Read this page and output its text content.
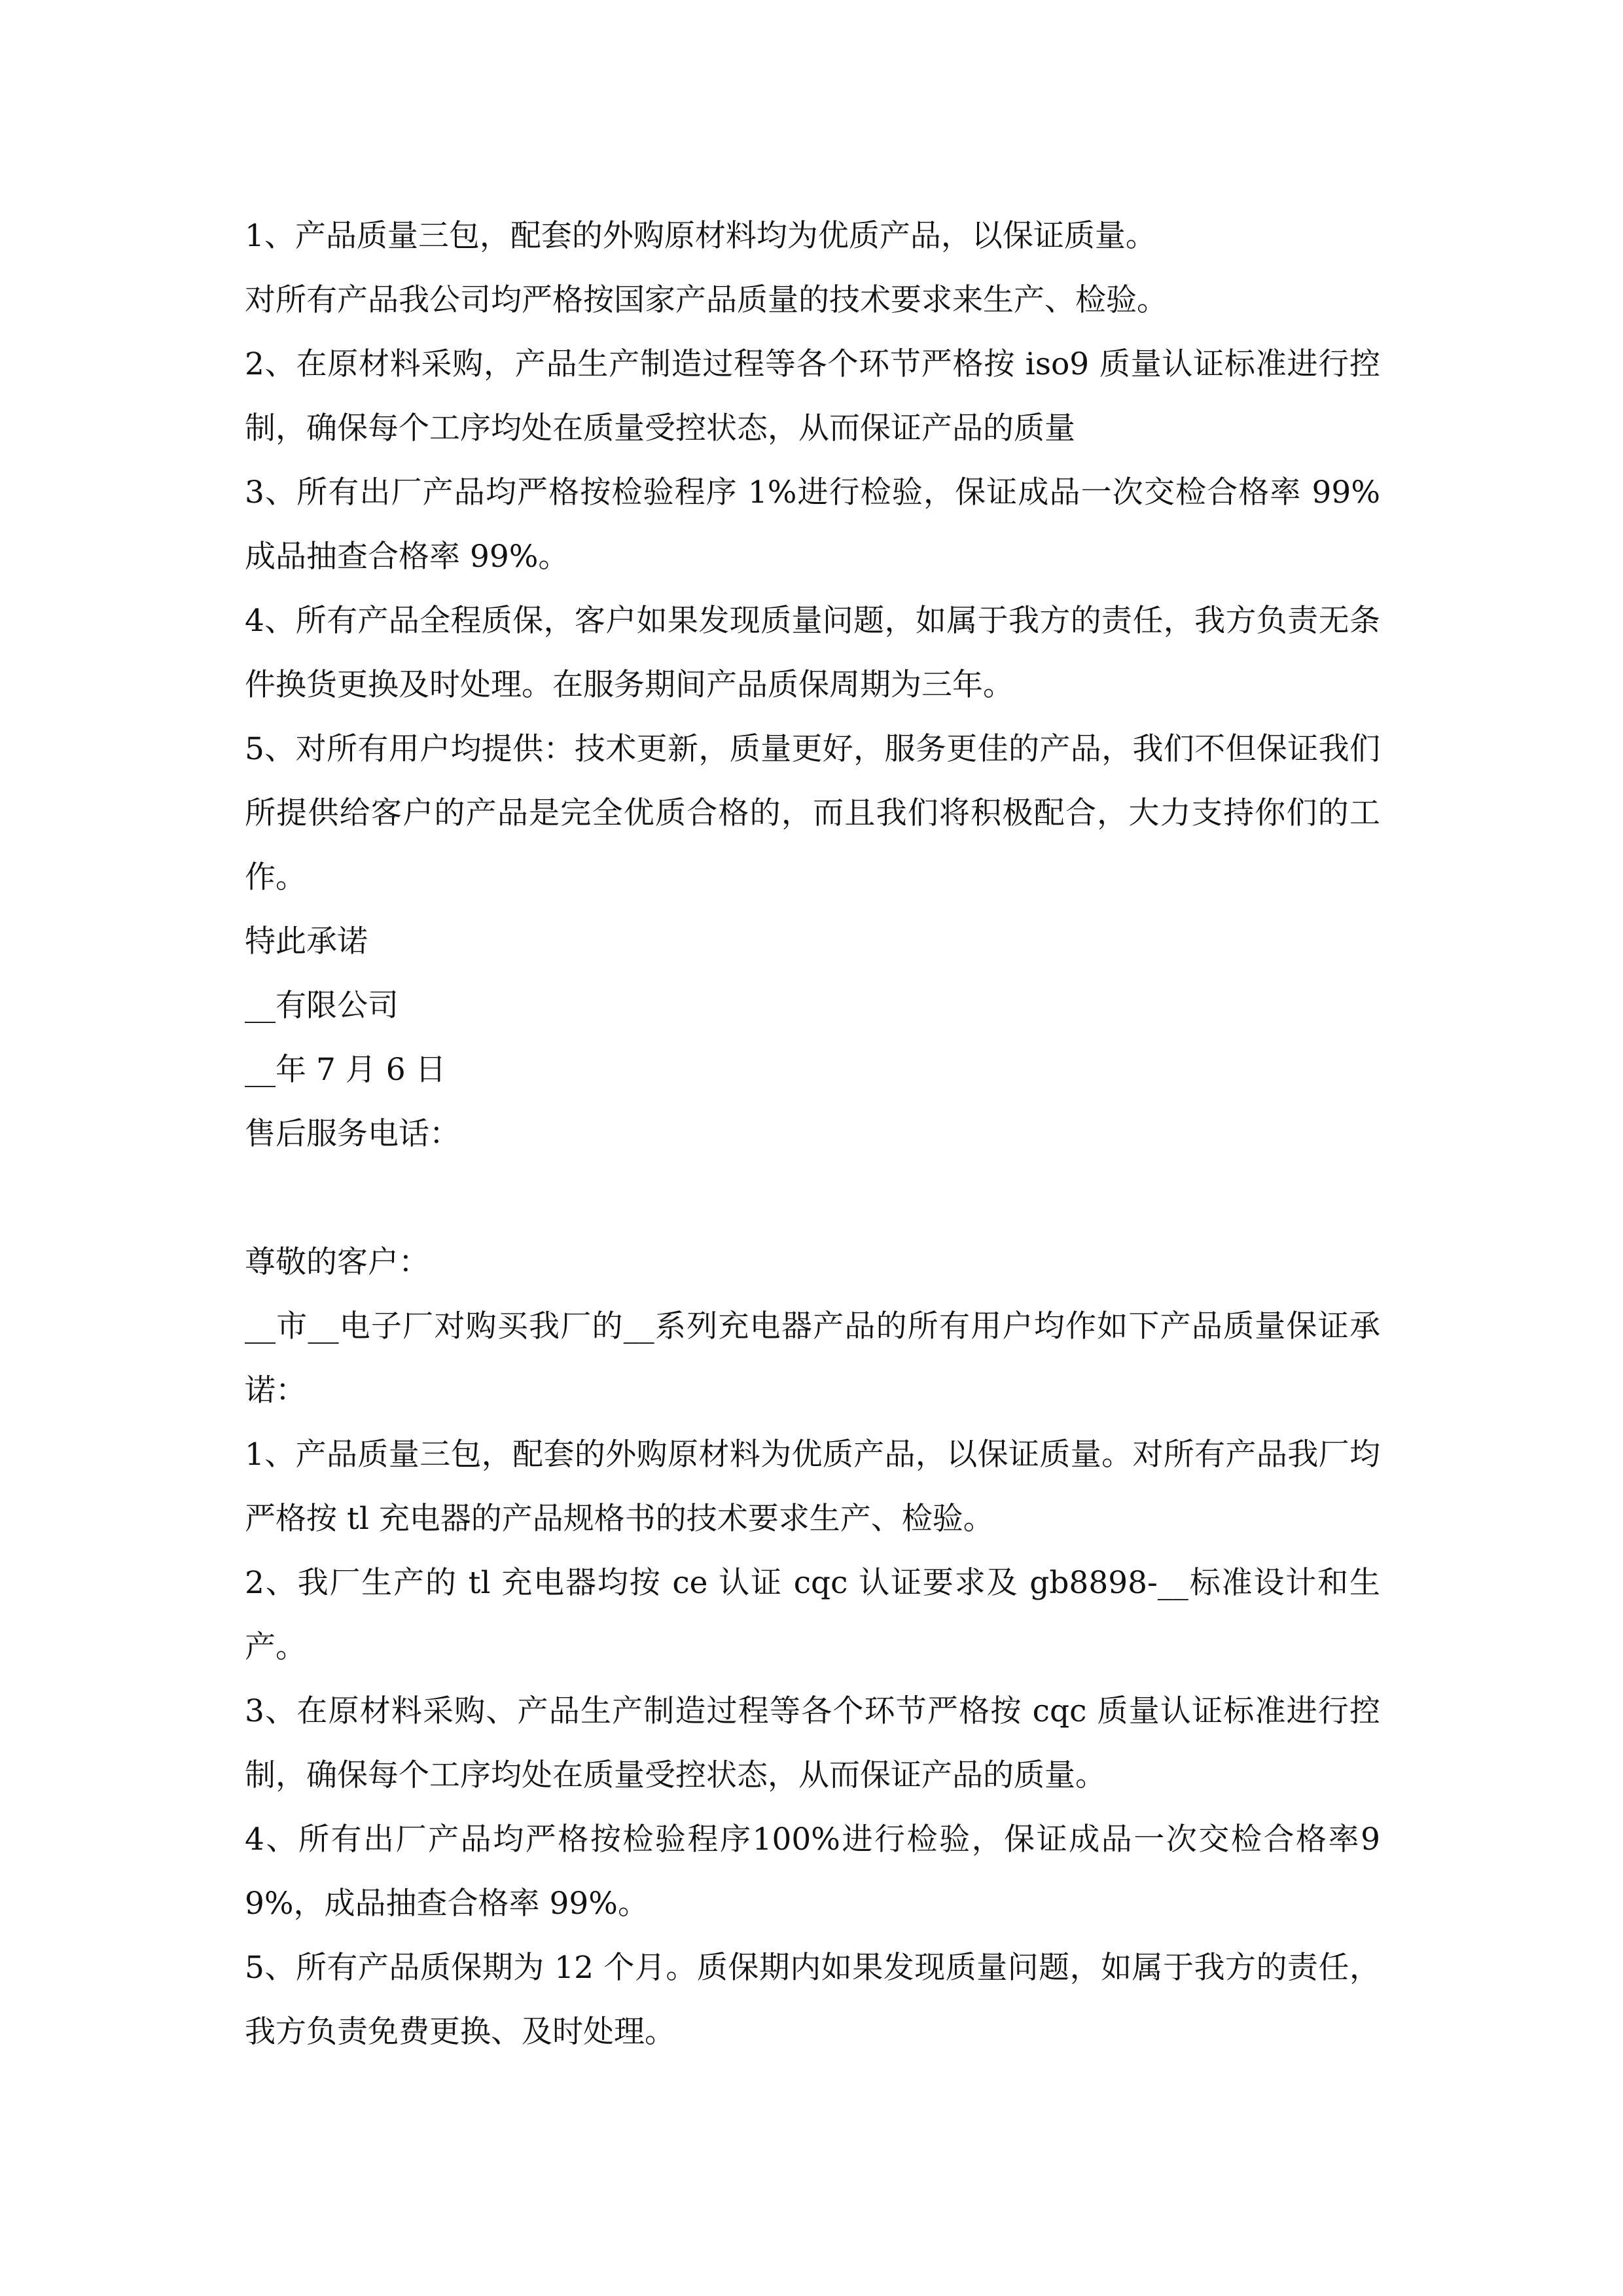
1、产品质量三包，配套的外购原材料均为优质产品，以保证质量。

对所有产品我公司均严格按国家产品质量的技术要求来生产、检验。

2、在原材料采购，产品生产制造过程等各个环节严格按 iso9 质量认证标准进行控制，确保每个工序均处在质量受控状态，从而保证产品的质量

3、所有出厂产品均严格按检验程序 1%进行检验，保证成品一次交检合格率 99%成品抽查合格率 99%。

4、所有产品全程质保，客户如果发现质量问题，如属于我方的责任，我方负责无条件换货更换及时处理。在服务期间产品质保周期为三年。

5、对所有用户均提供：技术更新，质量更好，服务更佳的产品，我们不但保证我们所提供给客户的产品是完全优质合格的，而且我们将积极配合，大力支持你们的工作。

特此承诺

__有限公司

__年 7 月 6 日

售后服务电话：

尊敬的客户：

__市__电子厂对购买我厂的__系列充电器产品的所有用户均作如下产品质量保证承诺：

1、产品质量三包，配套的外购原材料为优质产品，以保证质量。对所有产品我厂均严格按 tl 充电器的产品规格书的技术要求生产、检验。

2、我厂生产的 tl 充电器均按 ce 认证 cqc 认证要求及 gb8898-__标准设计和生产。

3、在原材料采购、产品生产制造过程等各个环节严格按 cqc 质量认证标准进行控制，确保每个工序均处在质量受控状态，从而保证产品的质量。

4、所有出厂产品均严格按检验程序100%进行检验，保证成品一次交检合格率99%，成品抽查合格率 99%。

5、所有产品质保期为 12 个月。质保期内如果发现质量问题，如属于我方的责任，我方负责免费更换、及时处理。
